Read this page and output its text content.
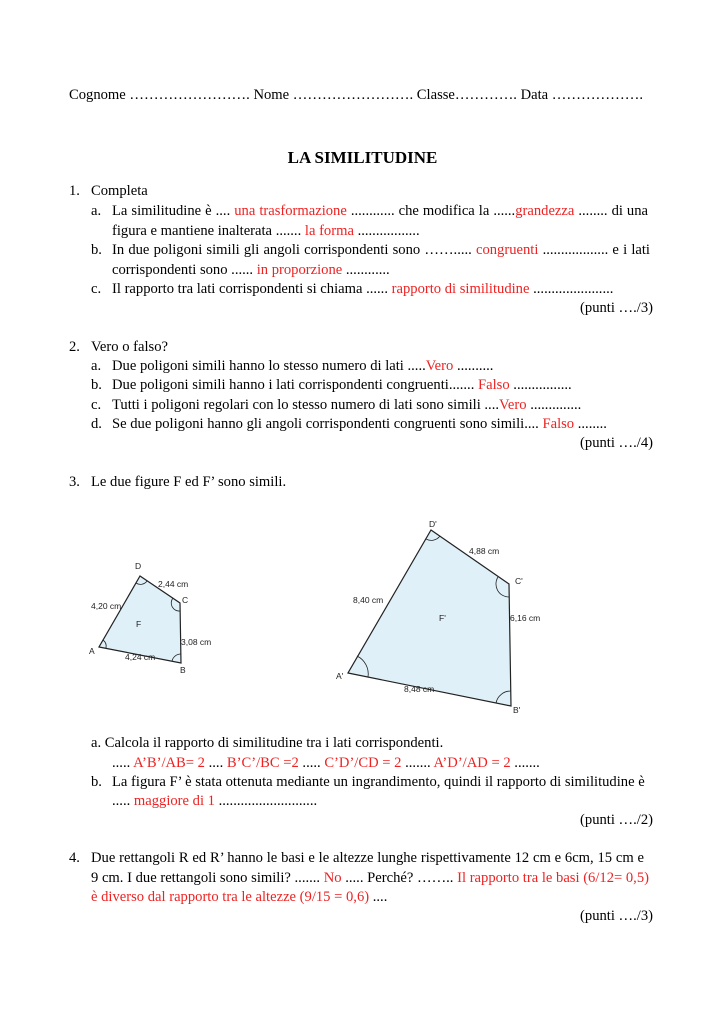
Cognome ……………………. Nome ……………………. Classe…………. Data ……………….
LA SIMILITUDINE
1. Completa
a. La similitudine è .... una trasformazione ............ che modifica la ......grandezza ........ di una
figura e mantiene inalterata ....... la forma .................
b. In due poligoni simili gli angoli corrispondenti sono ……..... congruenti .................. e i lati
corrispondenti sono ...... in proporzione ............
c. Il rapporto tra lati corrispondenti si chiama ...... rapporto di similitudine ......................
(punti …./3)
2. Vero o falso?
a. Due poligoni simili hanno lo stesso numero di lati .....Vero ..........
b. Due poligoni simili hanno i lati corrispondenti congruenti....... Falso ................
c. Tutti i poligoni regolari con lo stesso numero di lati sono simili ....Vero ..............
d. Se due poligoni hanno gli angoli corrispondenti congruenti sono simili.... Falso ........
(punti …./4)
3. Le due figure F ed F’ sono simili.
A
B
C
D
4,24 cm
3,08 cm
2,44 cm
4,20 cm
F
A'
B'
C'
D'
8,48 cm
6,16 cm
4,88 cm
8,40 cm
F'
a. Calcola il rapporto di similitudine tra i lati corrispondenti.
..... A’B’/AB= 2 .... B’C’/BC =2 ..... C’D’/CD = 2 ....... A’D’/AD = 2 .......
b. La figura F’ è stata ottenuta mediante un ingrandimento, quindi il rapporto di similitudine è
..... maggiore di 1 ...........................
(punti …./2)
4. Due rettangoli R ed R’ hanno le basi e le altezze lunghe rispettivamente 12 cm e 6cm, 15 cm e
9 cm. I due rettangoli sono simili? ....... No ..... Perché? …….. Il rapporto tra le basi (6/12= 0,5)
è diverso dal rapporto tra le altezze (9/15 = 0,6) ....
(punti …./3)
